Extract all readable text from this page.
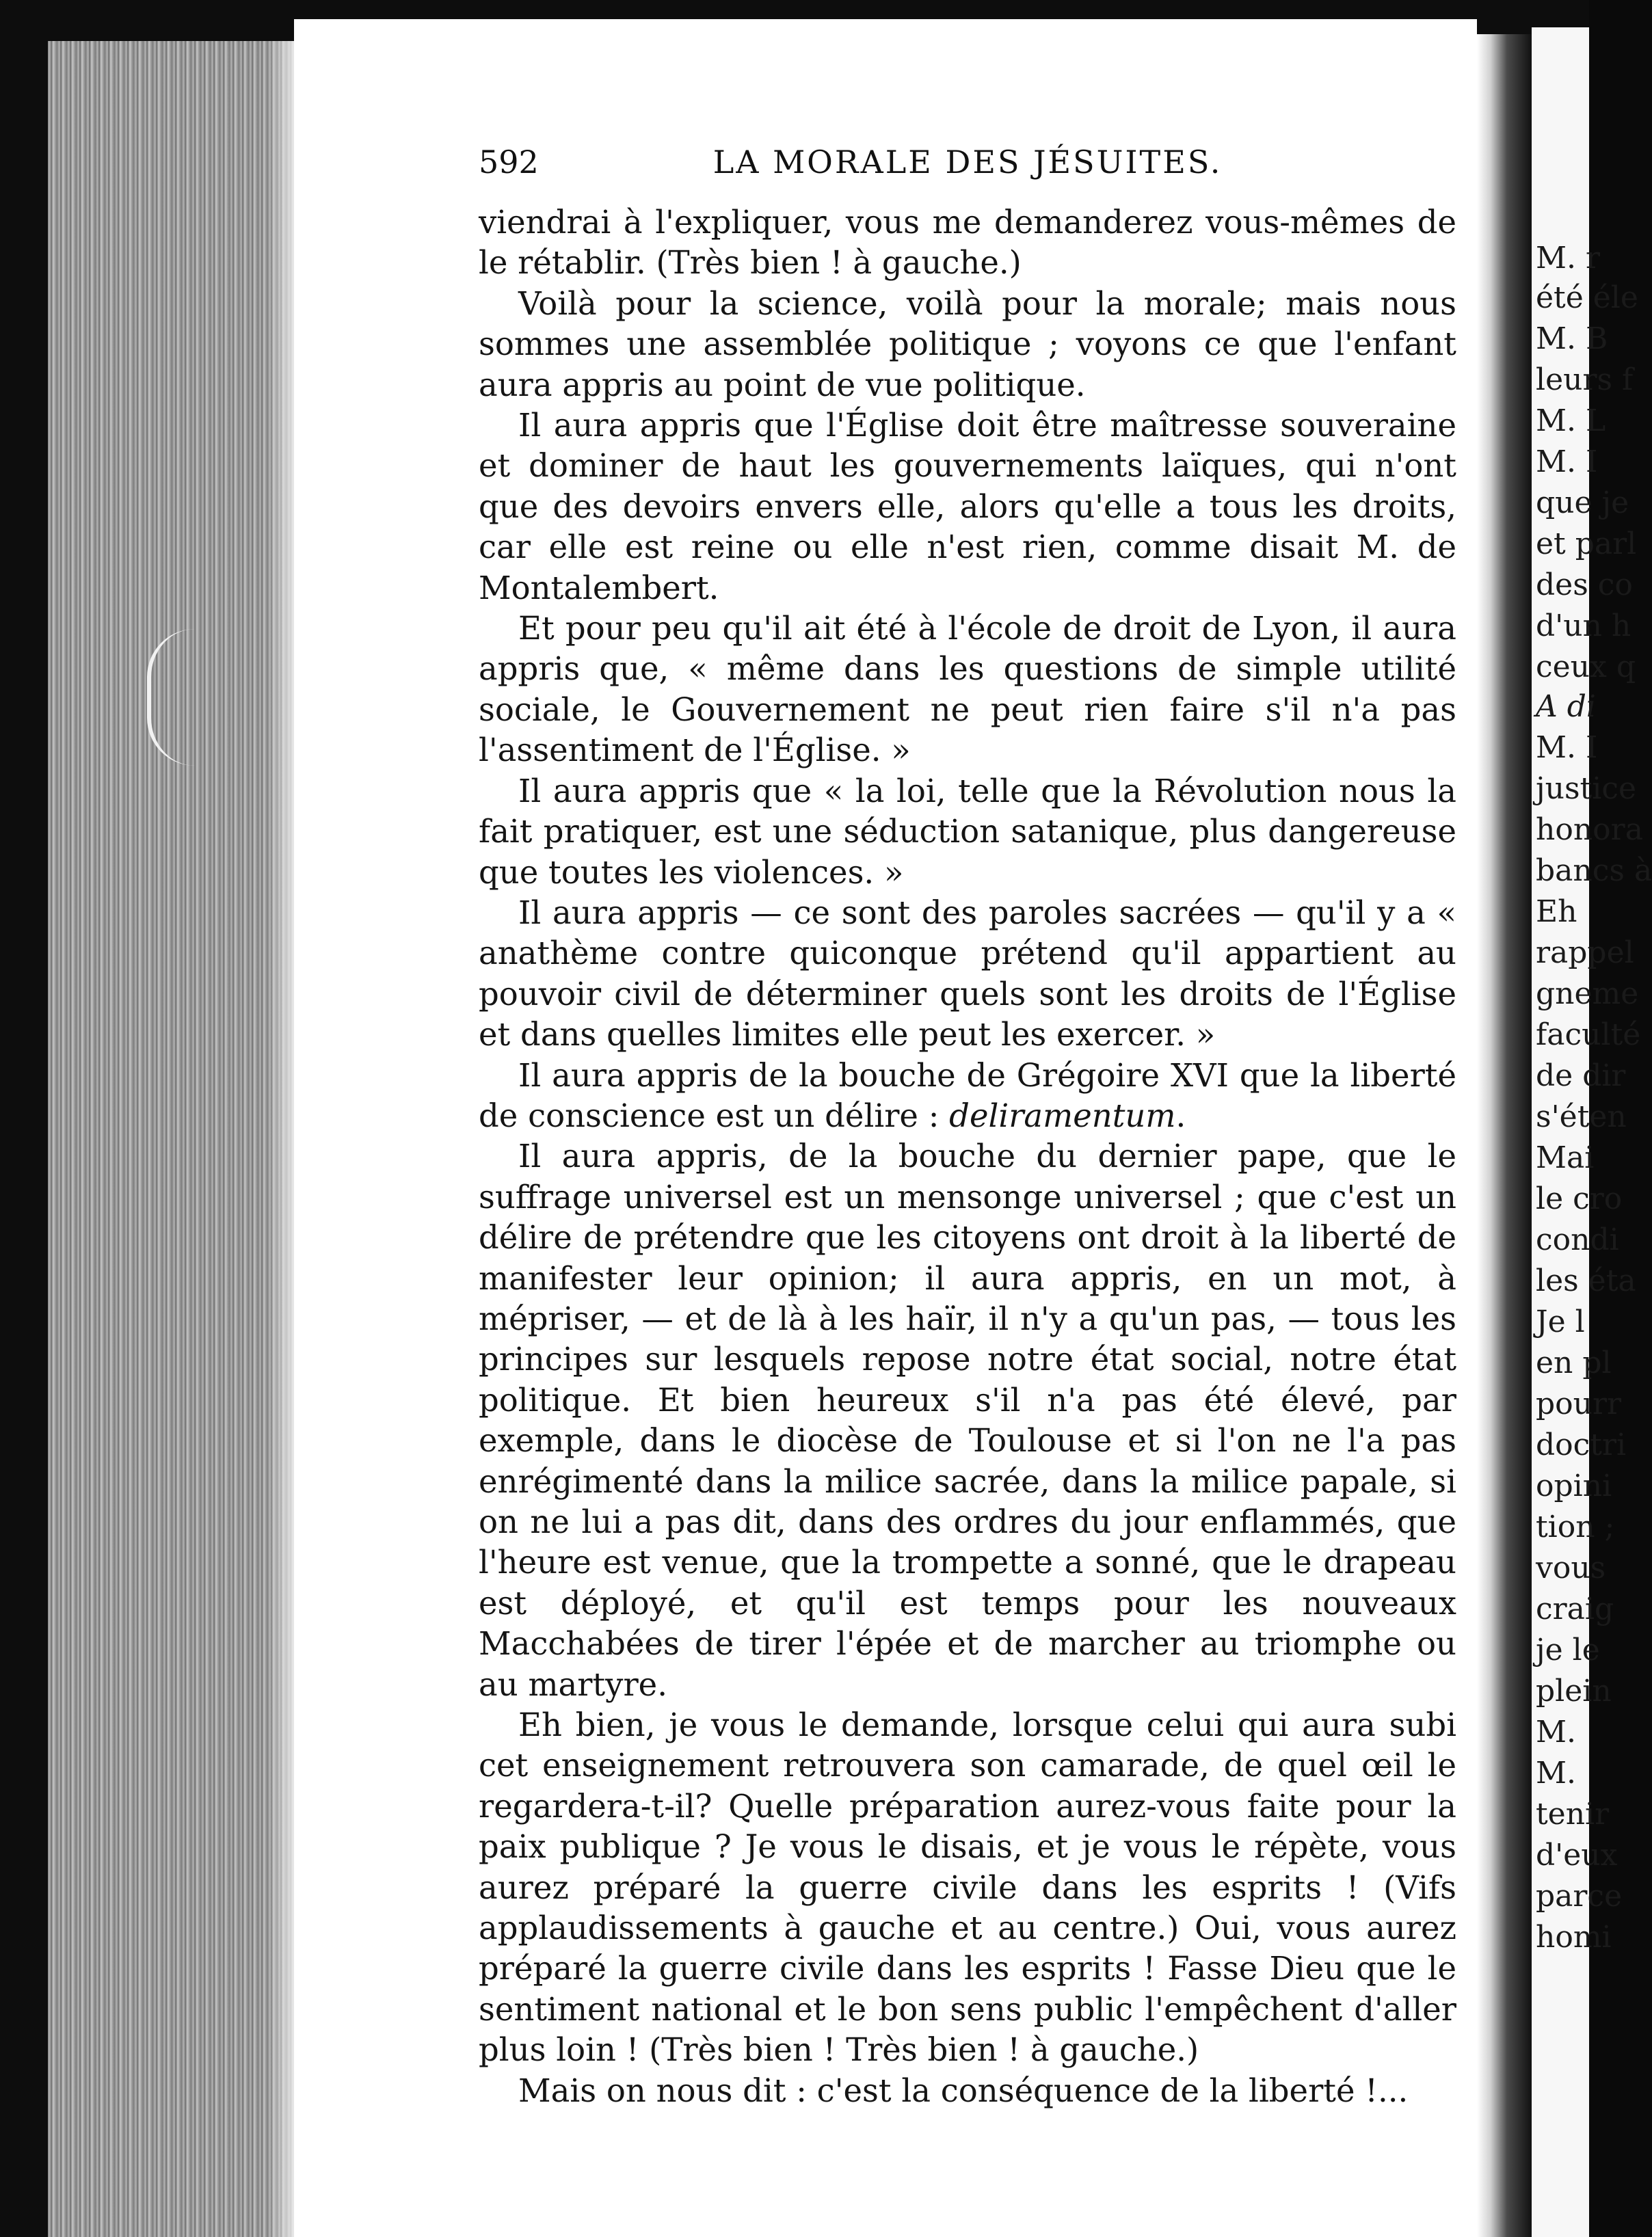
592	LA MORALE DES JÉSUITES.

viendrai à l'expliquer, vous me demanderez vous-mêmes de le rétablir. (Très bien ! à gauche.)

Voilà pour la science, voilà pour la morale; mais nous sommes une assemblée politique ; voyons ce que l'enfant aura appris au point de vue politique.

Il aura appris que l'Église doit être maîtresse souveraine et dominer de haut les gouvernements laïques, qui n'ont que des devoirs envers elle, alors qu'elle a tous les droits, car elle est reine ou elle n'est rien, comme disait M. de Montalembert.

Et pour peu qu'il ait été à l'école de droit de Lyon, il aura appris que, « même dans les questions de simple utilité sociale, le Gouvernement ne peut rien faire s'il n'a pas l'assentiment de l'Église. »

Il aura appris que « la loi, telle que la Révolution nous la fait pratiquer, est une séduction satanique, plus dangereuse que toutes les violences. »

Il aura appris — ce sont des paroles sacrées — qu'il y a « anathème contre quiconque prétend qu'il appartient au pouvoir civil de déterminer quels sont les droits de l'Église et dans quelles limites elle peut les exercer. »

Il aura appris de la bouche de Grégoire XVI que la liberté de conscience est un délire : deliramentum.

Il aura appris, de la bouche du dernier pape, que le suffrage universel est un mensonge universel ; que c'est un délire de prétendre que les citoyens ont droit à la liberté de manifester leur opinion; il aura appris, en un mot, à mépriser, — et de là à les haïr, il n'y a qu'un pas, — tous les principes sur lesquels repose notre état social, notre état politique. Et bien heureux s'il n'a pas été élevé, par exemple, dans le diocèse de Toulouse et si l'on ne l'a pas enrégimenté dans la milice sacrée, dans la milice papale, si on ne lui a pas dit, dans des ordres du jour enflammés, que l'heure est venue, que la trompette a sonné, que le drapeau est déployé, et qu'il est temps pour les nouveaux Macchabées de tirer l'épée et de marcher au triomphe ou au martyre.

Eh bien, je vous le demande, lorsque celui qui aura subi cet enseignement retrouvera son camarade, de quel œil le regardera-t-il? Quelle préparation aurez-vous faite pour la paix publique ? Je vous le disais, et je vous le répète, vous aurez préparé la guerre civile dans les esprits ! (Vifs applaudissements à gauche et au centre.) Oui, vous aurez préparé la guerre civile dans les esprits ! Fasse Dieu que le sentiment national et le bon sens public l'empêchent d'aller plus loin ! (Très bien ! Très bien ! à gauche.)

Mais on nous dit : c'est la conséquence de la liberté !...

M. r
été éle
M. B
leurs f
M. L
M. I
que je
et parl
des co
d'un h
ceux q
A di
M. I
justice
honora
bancs à
Eh
rappel
gneme
faculté
de dir
s'éten
Mai
le cro
condi
les éta
Je l
en pl
pourr
doctri
opini
tion ;
vous
craig
je le
plein
M.
M.
tenir
d'eux
parce
homi
